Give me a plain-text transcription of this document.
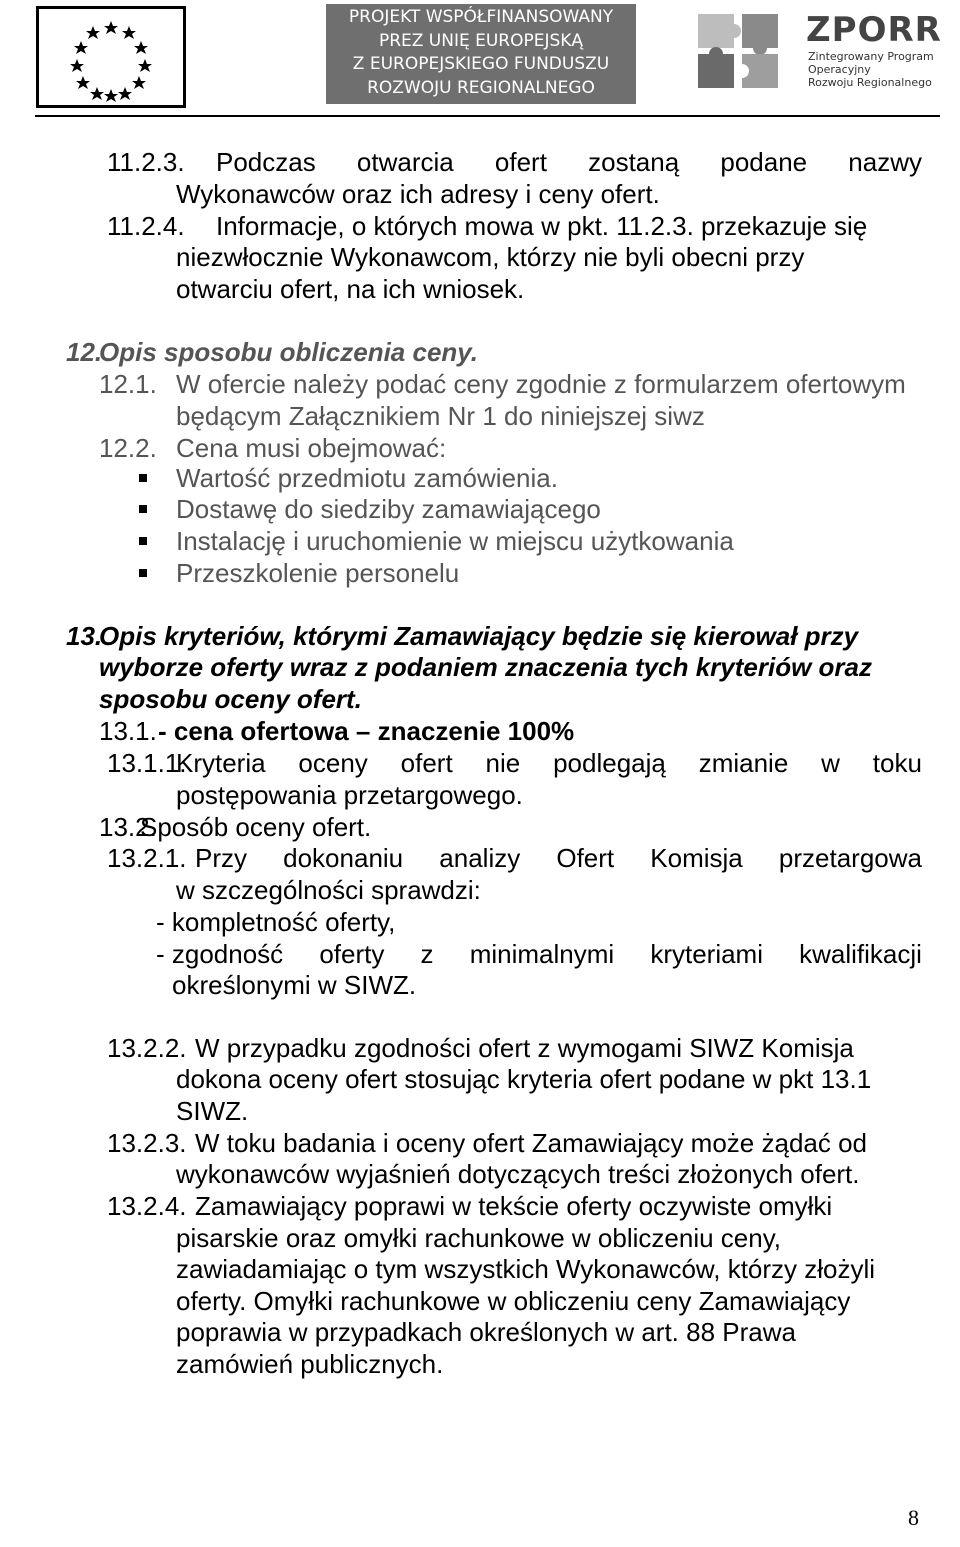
PROJEKT WSPÓŁFINANSOWANY
PREZ UNIĘ EUROPEJSKĄ
Z EUROPEJSKIEGO FUNDUSZU
ROZWOJU REGIONALNEGO
ZPORR
Zintegrowany Program
Operacyjny
Rozwoju Regionalnego
11.2.3. Podczas otwarcia ofert zostaną podane nazwy
Wykonawców oraz ich adresy i ceny ofert.
11.2.4. Informacje, o których mowa w pkt. 11.2.3. przekazuje się
niezwłocznie Wykonawcom, którzy nie byli obecni przy
otwarciu ofert, na ich wniosek.
12.
Opis sposobu obliczenia ceny.
12.1. W ofercie należy podać ceny zgodnie z formularzem ofertowym
będącym Załącznikiem Nr 1 do niniejszej siwz
12.2. Cena musi obejmować:
Wartość przedmiotu zamówienia.
Dostawę do siedziby zamawiającego
Instalację i uruchomienie w miejscu użytkowania
Przeszkolenie personelu
13.
Opis kryteriów, którymi Zamawiający będzie się kierował przy
wyborze oferty wraz z podaniem znaczenia tych kryteriów oraz
sposobu oceny ofert.
13.1. - cena ofertowa – znaczenie 100%
13.1.1.
Kryteria oceny ofert nie podlegają zmianie w toku
postępowania przetargowego.
13.2.
Sposób oceny ofert.
13.2.1. Przy dokonaniu analizy Ofert Komisja przetargowa
w szczególności sprawdzi:
- kompletność oferty,
- zgodność oferty z minimalnymi kryteriami kwalifikacji
określonymi w SIWZ.
13.2.2. W przypadku zgodności ofert z wymogami SIWZ Komisja
dokona oceny ofert stosując kryteria ofert podane w pkt 13.1
SIWZ.
13.2.3. W toku badania i oceny ofert Zamawiający może żądać od
wykonawców wyjaśnień dotyczących treści złożonych ofert.
13.2.4. Zamawiający poprawi w tekście oferty oczywiste omyłki
pisarskie oraz omyłki rachunkowe w obliczeniu ceny,
zawiadamiając o tym wszystkich Wykonawców, którzy złożyli
oferty. Omyłki rachunkowe w obliczeniu ceny Zamawiający
poprawia w przypadkach określonych w art. 88 Prawa
zamówień publicznych.
8
